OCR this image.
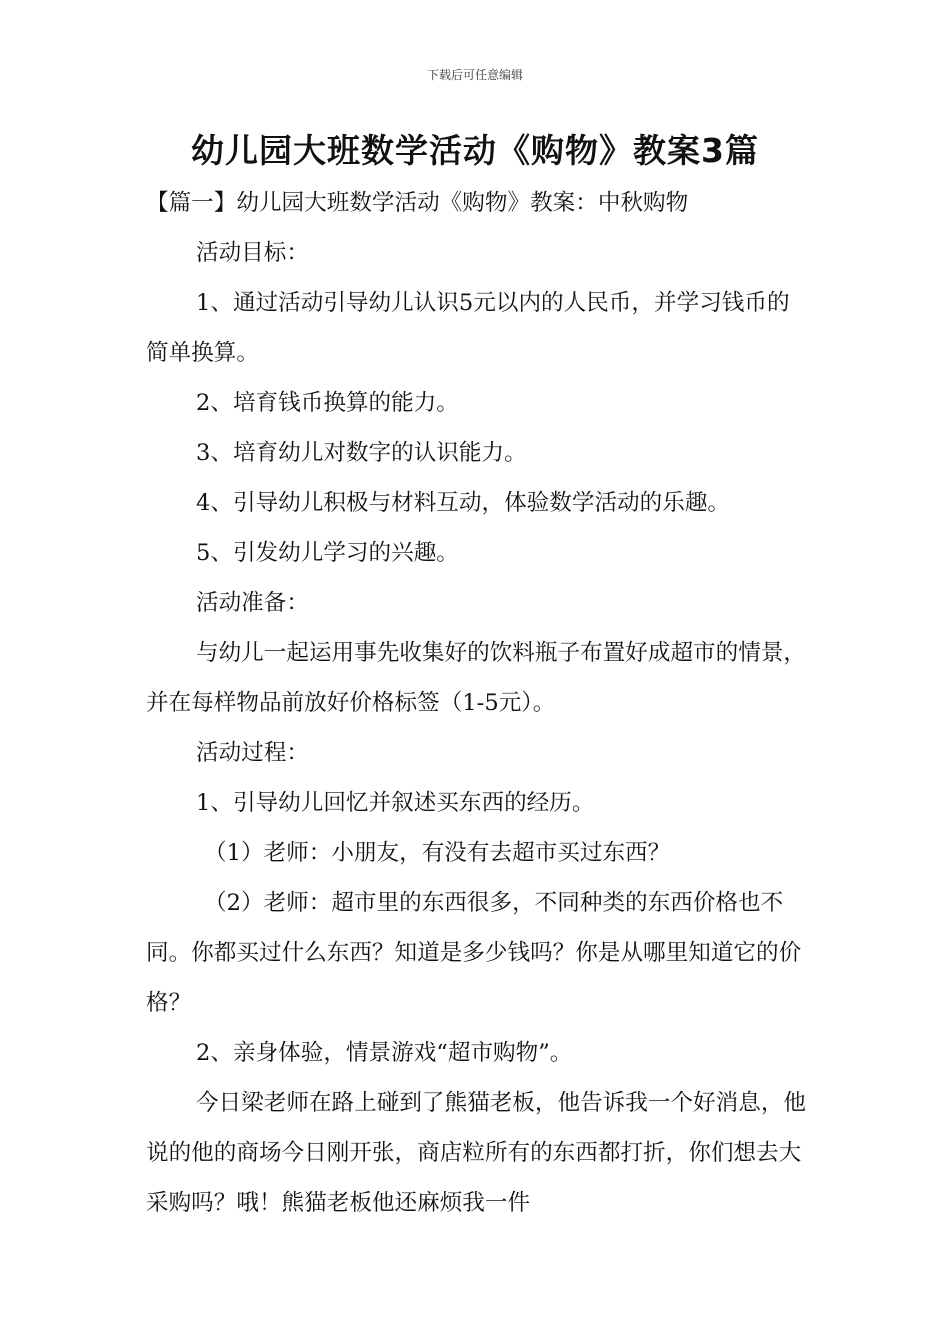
下载后可任意编辑
幼儿园大班数学活动《购物》教案3篇

【篇一】幼儿园大班数学活动《购物》教案：中秋购物

活动目标：

1、通过活动引导幼儿认识5元以内的人民币，并学习钱币的简单换算。

2、培育钱币换算的能力。

3、培育幼儿对数字的认识能力。

4、引导幼儿积极与材料互动，体验数学活动的乐趣。

5、引发幼儿学习的兴趣。

活动准备：

与幼儿一起运用事先收集好的饮料瓶子布置好成超市的情景，并在每样物品前放好价格标签（1-5元）。

活动过程：

1、引导幼儿回忆并叙述买东西的经历。

（1）老师：小朋友，有没有去超市买过东西？

（2）老师：超市里的东西很多，不同种类的东西价格也不同。你都买过什么东西？知道是多少钱吗？你是从哪里知道它的价格？

2、亲身体验，情景游戏“超市购物”。

今日梁老师在路上碰到了熊猫老板，他告诉我一个好消息，他说的他的商场今日刚开张，商店粒所有的东西都打折，你们想去大采购吗？哦！熊猫老板他还麻烦我一件
